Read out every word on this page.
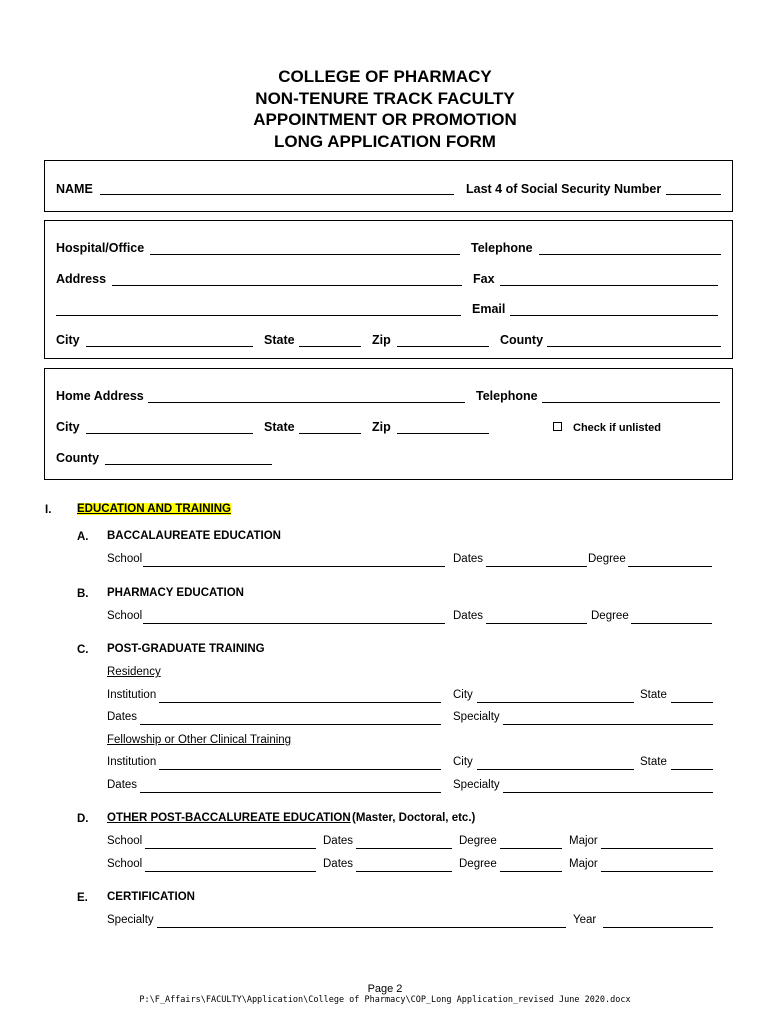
COLLEGE OF PHARMACY
NON-TENURE TRACK FACULTY
APPOINTMENT OR PROMOTION
LONG APPLICATION FORM
NAME	Last 4 of Social Security Number
Hospital/Office	Telephone
Address	Fax
Email
City	State	Zip	County
Home Address	Telephone
City	State	Zip	Check if unlisted
County
I. EDUCATION AND TRAINING
A. BACCALAUREATE EDUCATION
School	Dates	Degree
B. PHARMACY EDUCATION
School	Dates	Degree
C. POST-GRADUATE TRAINING
Residency
Institution	City	State
Dates	Specialty
Fellowship or Other Clinical Training
Institution	City	State
Dates	Specialty
D. OTHER POST-BACCALUREATE EDUCATION (Master, Doctoral, etc.)
School	Dates	Degree	Major
School	Dates	Degree	Major
E. CERTIFICATION
Specialty	Year
Page 2
P:\F_Affairs\FACULTY\Application\College of Pharmacy\COP_Long Application_revised June 2020.docx
